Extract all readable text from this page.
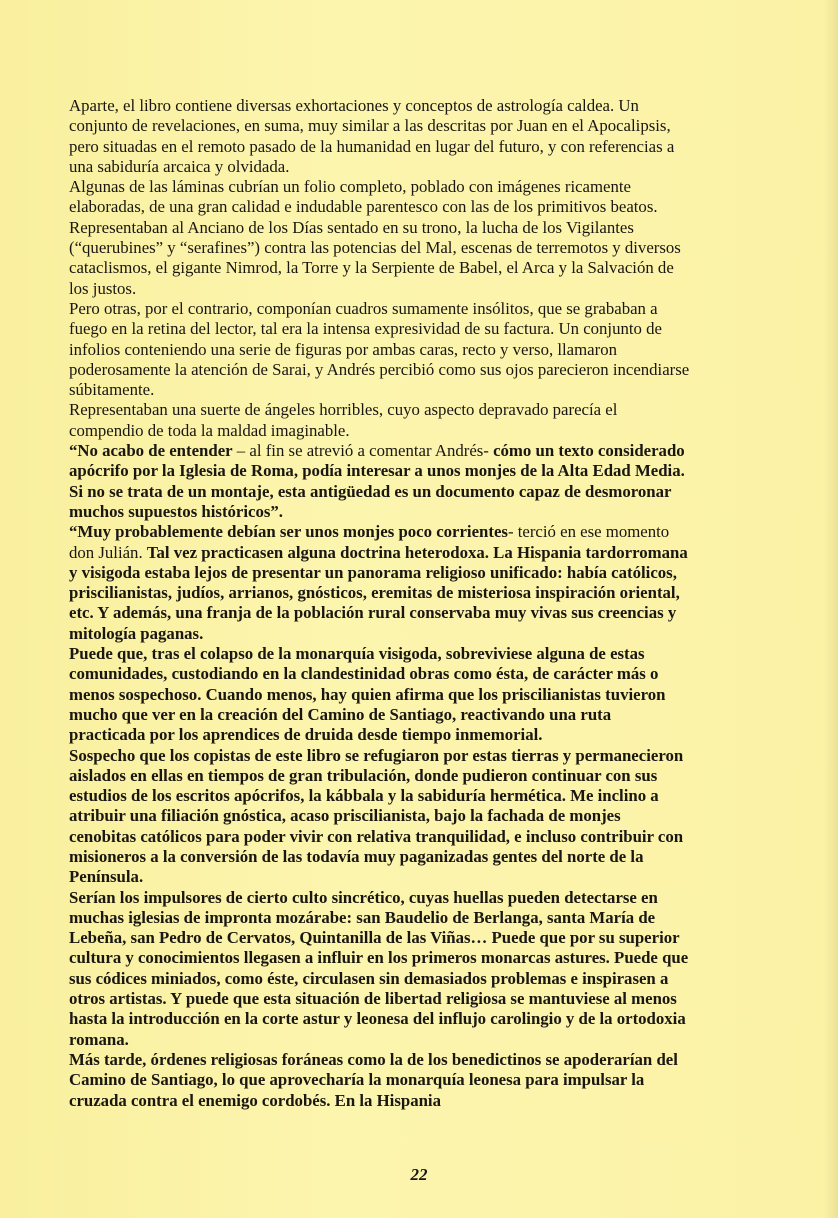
Aparte, el libro contiene diversas exhortaciones y conceptos de astrología caldea. Un conjunto de revelaciones, en suma, muy similar a las descritas por Juan en el Apocalipsis, pero situadas en el remoto pasado de la humanidad en lugar del futuro, y con referencias a una sabiduría arcaica y olvidada.

Algunas de las láminas cubrían un folio completo, poblado con imágenes ricamente elaboradas, de una gran calidad e indudable parentesco con las de los primitivos beatos. Representaban al Anciano de los Días sentado en su trono, la lucha de los Vigilantes (“querubines” y “serafines”) contra las potencias del Mal, escenas de terremotos y diversos cataclismos, el gigante Nimrod, la Torre y la Serpiente de Babel, el Arca y la Salvación de los justos.

Pero otras, por el contrario, componían cuadros sumamente insólitos, que se grababan a fuego en la retina del lector, tal era la intensa expresividad de su factura. Un conjunto de infolios conteniendo una serie de figuras por ambas caras, recto y verso, llamaron poderosamente la atención de Sarai, y Andrés percibió como sus ojos parecieron incendiarse súbitamente.

Representaban una suerte de ángeles horribles, cuyo aspecto depravado parecía el compendio de toda la maldad imaginable.

“No acabo de entender – al fin se atrevió a comentar Andrés- cómo un texto considerado apócrifo por la Iglesia de Roma, podía interesar a unos monjes de la Alta Edad Media. Si no se trata de un montaje, esta antigüedad es un documento capaz de desmoronar muchos supuestos históricos”.

“Muy probablemente debían ser unos monjes poco corrientes- terció en ese momento don Julián. Tal vez practicasen alguna doctrina heterodoxa. La Hispania tardorromana y visigoda estaba lejos de presentar un panorama religioso unificado: había católicos, priscilianistas, judíos, arrianos, gnósticos, eremitas de misteriosa inspiración oriental, etc. Y además, una franja de la población rural conservaba muy vivas sus creencias y mitología paganas.

Puede que, tras el colapso de la monarquía visigoda, sobreviviese alguna de estas comunidades, custodiando en la clandestinidad obras como ésta, de carácter más o menos sospechoso. Cuando menos, hay quien afirma que los priscilianistas tuvieron mucho que ver en la creación del Camino de Santiago, reactivando una ruta practicada por los aprendices de druida desde tiempo inmemorial.

Sospecho que los copistas de este libro se refugiaron por estas tierras y permanecieron aislados en ellas en tiempos de gran tribulación, donde pudieron continuar con sus estudios de los escritos apócrifos, la kábbala y la sabiduría hermética. Me inclino a atribuir una filiación gnóstica, acaso priscilianista, bajo la fachada de monjes cenobitas católicos para poder vivir con relativa tranquilidad, e incluso contribuir con misioneros a la conversión de las todavía muy paganizadas gentes del norte de la Península.

Serían los impulsores de cierto culto sincrético, cuyas huellas pueden detectarse en muchas iglesias de impronta mozárabe: san Baudelio de Berlanga, santa María de Lebeña, san Pedro de Cervatos, Quintanilla de las Viñas… Puede que por su superior cultura y conocimientos llegasen a influir en los primeros monarcas astures. Puede que sus códices miniados, como éste, circulasen sin demasiados problemas e inspirasen a otros artistas. Y puede que esta situación de libertad religiosa se mantuviese al menos hasta la introducción en la corte astur y leonesa del influjo carolingio y de la ortodoxia romana.

Más tarde, órdenes religiosas foráneas como la de los benedictinos se apoderarían del Camino de Santiago, lo que aprovecharía la monarquía leonesa para impulsar la cruzada contra el enemigo cordobés. En la Hispania

22
